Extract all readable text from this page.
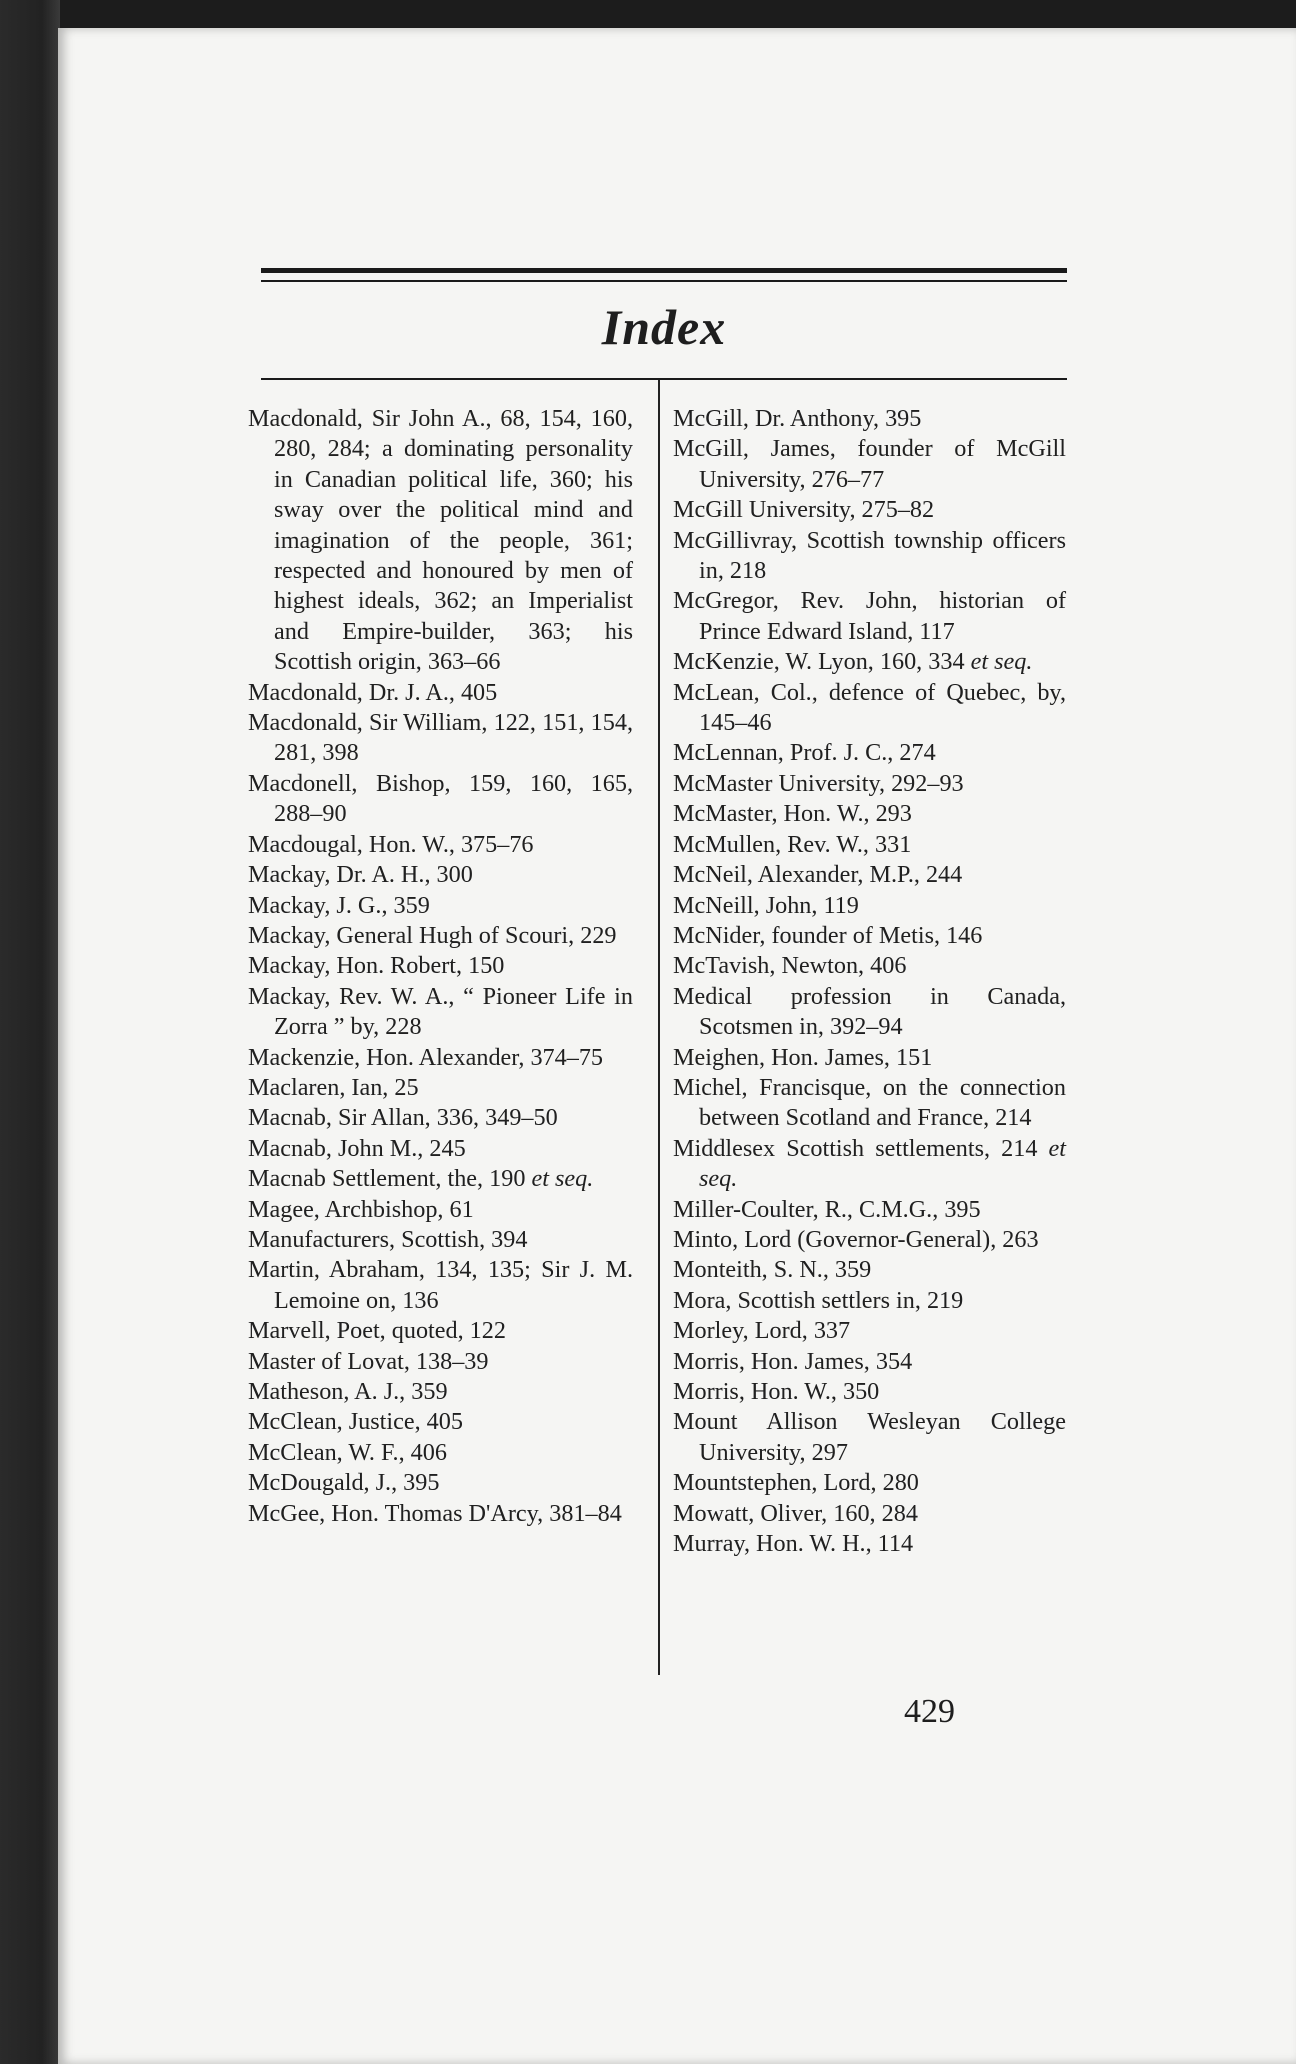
Index

Macdonald, Sir John A., 68, 154, 160, 280, 284; a dominating personality in Canadian political life, 360; his sway over the political mind and imagination of the people, 361; respected and honoured by men of highest ideals, 362; an Imperialist and Empire-builder, 363; his Scottish origin, 363–66

Macdonald, Dr. J. A., 405

Macdonald, Sir William, 122, 151, 154, 281, 398

Macdonell, Bishop, 159, 160, 165, 288–90

Macdougal, Hon. W., 375–76

Mackay, Dr. A. H., 300

Mackay, J. G., 359

Mackay, General Hugh of Scouri, 229

Mackay, Hon. Robert, 150

Mackay, Rev. W. A., “ Pioneer Life in Zorra ” by, 228

Mackenzie, Hon. Alexander, 374–75

Maclaren, Ian, 25

Macnab, Sir Allan, 336, 349–50

Macnab, John M., 245

Macnab Settlement, the, 190 et seq.

Magee, Archbishop, 61

Manufacturers, Scottish, 394

Martin, Abraham, 134, 135; Sir J. M. Lemoine on, 136

Marvell, Poet, quoted, 122

Master of Lovat, 138–39

Matheson, A. J., 359

McClean, Justice, 405

McClean, W. F., 406

McDougald, J., 395

McGee, Hon. Thomas D'Arcy, 381–84

McGill, Dr. Anthony, 395

McGill, James, founder of McGill University, 276–77

McGill University, 275–82

McGillivray, Scottish township officers in, 218

McGregor, Rev. John, historian of Prince Edward Island, 117

McKenzie, W. Lyon, 160, 334 et seq.

McLean, Col., defence of Quebec, by, 145–46

McLennan, Prof. J. C., 274

McMaster University, 292–93

McMaster, Hon. W., 293

McMullen, Rev. W., 331

McNeil, Alexander, M.P., 244

McNeill, John, 119

McNider, founder of Metis, 146

McTavish, Newton, 406

Medical profession in Canada, Scotsmen in, 392–94

Meighen, Hon. James, 151

Michel, Francisque, on the connection between Scotland and France, 214

Middlesex Scottish settlements, 214 et seq.

Miller-Coulter, R., C.M.G., 395

Minto, Lord (Governor-General), 263

Monteith, S. N., 359

Mora, Scottish settlers in, 219

Morley, Lord, 337

Morris, Hon. James, 354

Morris, Hon. W., 350

Mount Allison Wesleyan College University, 297

Mountstephen, Lord, 280

Mowatt, Oliver, 160, 284

Murray, Hon. W. H., 114

429
